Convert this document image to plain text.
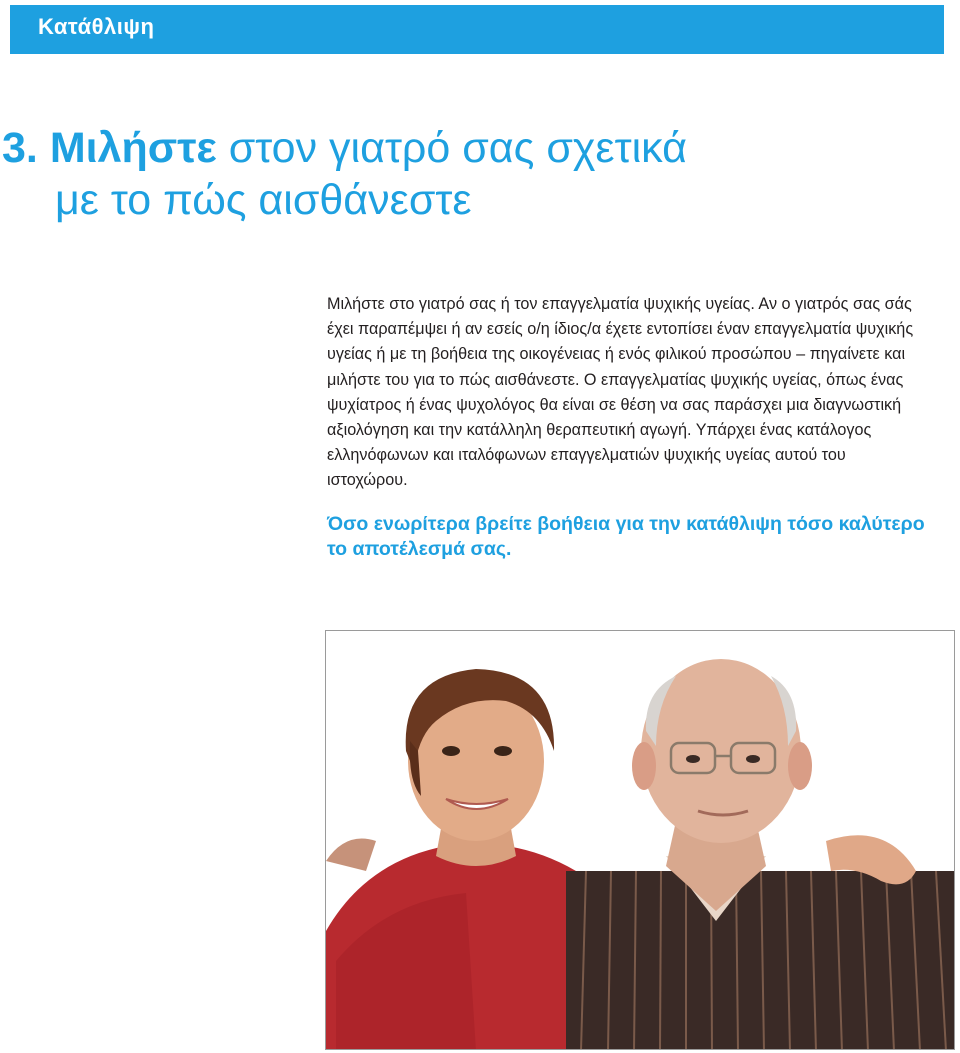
Κατάθλιψη
3. Μιλήστε στον γιατρό σας σχετικά
με το πώς αισθάνεστε

Μιλήστε στο γιατρό σας ή τον επαγγελματία ψυχικής υγείας. Αν ο γιατρός σας σάς έχει παραπέμψει ή αν εσείς ο/η ίδιος/α έχετε εντοπίσει έναν επαγγελματία ψυχικής υγείας ή με τη βοήθεια της οικογένειας ή ενός φιλικού προσώπου – πηγαίνετε και μιλήστε του για το πώς αισθάνεστε. Ο επαγγελματίας ψυχικής υγείας, όπως ένας ψυχίατρος ή ένας ψυχολόγος θα είναι σε θέση να σας παράσχει μια διαγνωστική αξιολόγηση και την κατάλληλη θεραπευτική αγωγή. Υπάρχει ένας κατάλογος ελληνόφωνων και ιταλόφωνων επαγγελματιών ψυχικής υγείας αυτού του ιστοχώρου.

Όσο ενωρίτερα βρείτε βοήθεια για την κατάθλιψη τόσο καλύτερο το αποτέλεσμά σας.
